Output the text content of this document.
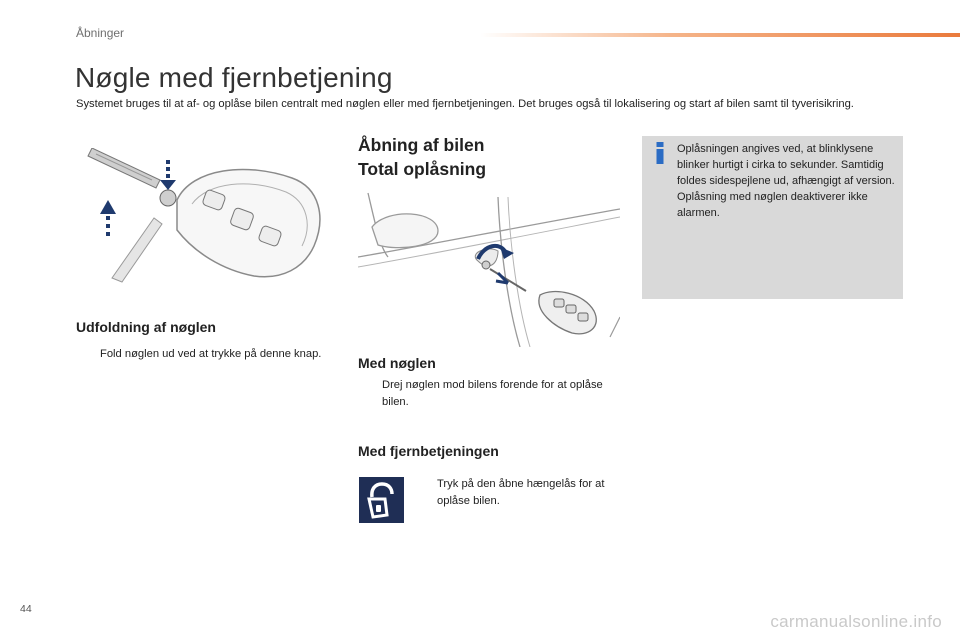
Åbninger
Nøgle med fjernbetjening

Systemet bruges til at af- og oplåse bilen centralt med nøglen eller med fjernbetjeningen. Det bruges også til lokalisering og start af bilen samt til tyverisikring.

Udfoldning af nøglen

Fold nøglen ud ved at trykke på denne knap.

Åbning af bilen
Total oplåsning
Med nøglen

Drej nøglen mod bilens forende for at oplåse bilen.

Med fjernbetjeningen

Tryk på den åbne hængelås for at oplåse bilen.

Oplåsningen angives ved, at blinklysene blinker hurtigt i cirka to sekunder. Samtidig foldes sidespejlene ud, afhængigt af version. Oplåsning med nøglen deaktiverer ikke alarmen.

44
carmanualsonline.info
